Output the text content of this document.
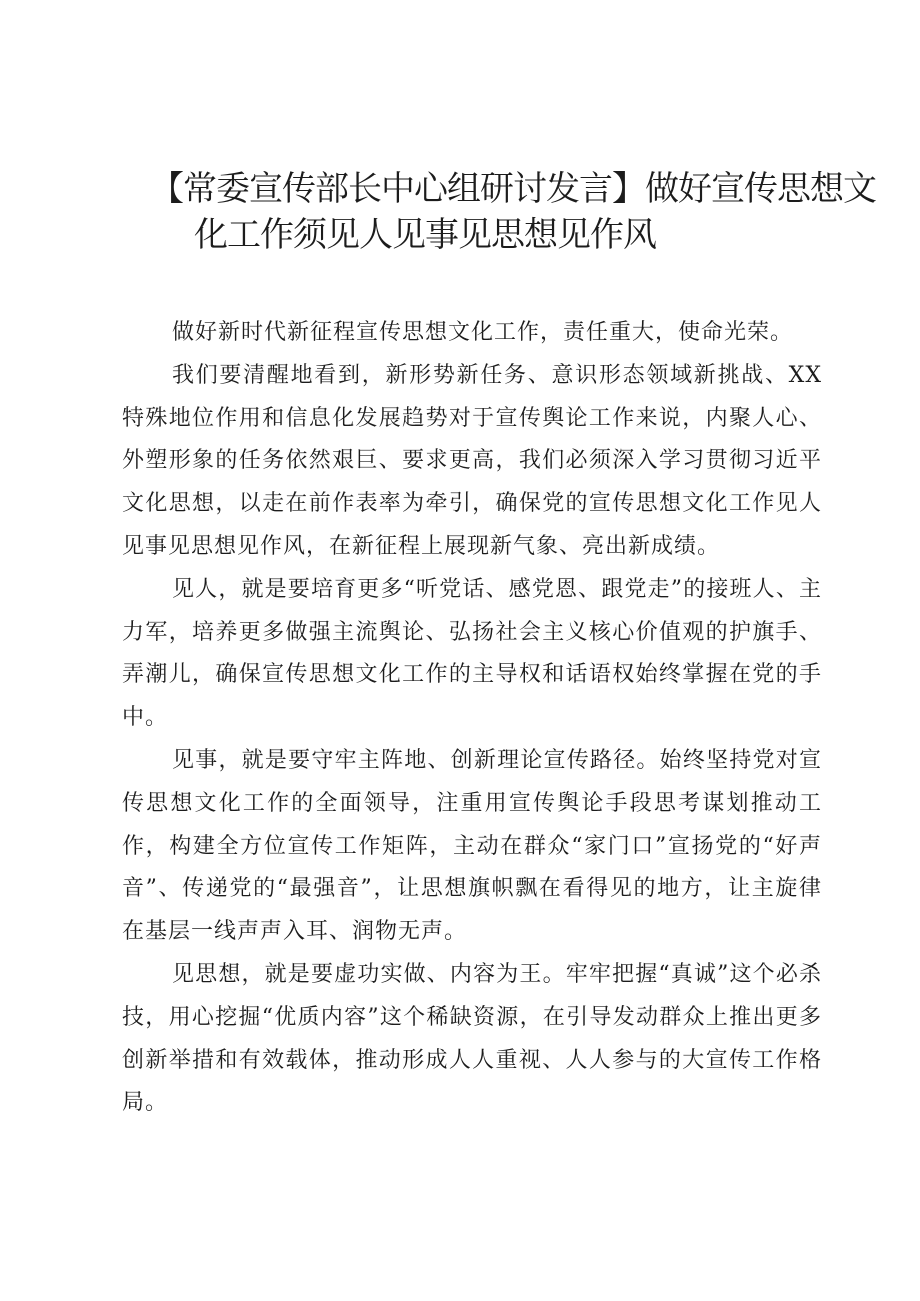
【常委宣传部长中心组研讨发言】做好宣传思想文
化工作须见人见事见思想见作风

做好新时代新征程宣传思想文化工作，责任重大，使命光荣。

我们要清醒地看到，新形势新任务、意识形态领域新挑战、XX特殊地位作用和信息化发展趋势对于宣传舆论工作来说，内聚人心、外塑形象的任务依然艰巨、要求更高，我们必须深入学习贯彻习近平文化思想，以走在前作表率为牵引，确保党的宣传思想文化工作见人见事见思想见作风，在新征程上展现新气象、亮出新成绩。

见人，就是要培育更多“听党话、感党恩、跟党走”的接班人、主力军，培养更多做强主流舆论、弘扬社会主义核心价值观的护旗手、弄潮儿，确保宣传思想文化工作的主导权和话语权始终掌握在党的手中。

见事，就是要守牢主阵地、创新理论宣传路径。始终坚持党对宣传思想文化工作的全面领导，注重用宣传舆论手段思考谋划推动工作，构建全方位宣传工作矩阵，主动在群众“家门口”宣扬党的“好声音”、传递党的“最强音”，让思想旗帜飘在看得见的地方，让主旋律在基层一线声声入耳、润物无声。

见思想，就是要虚功实做、内容为王。牢牢把握“真诚”这个必杀技，用心挖掘“优质内容”这个稀缺资源，在引导发动群众上推出更多创新举措和有效载体，推动形成人人重视、人人参与的大宣传工作格局。
